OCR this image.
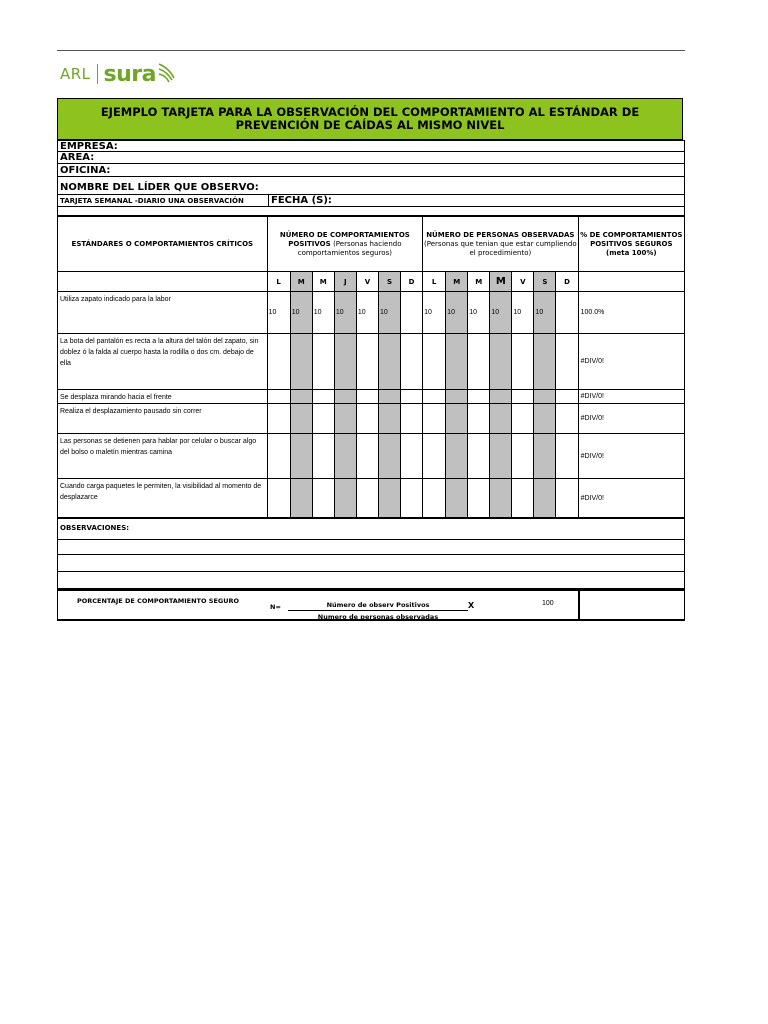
ARL sura
EJEMPLO TARJETA PARA LA OBSERVACIÓN DEL COMPORTAMIENTO AL ESTÁNDAR DE PREVENCIÓN DE CAÍDAS AL MISMO NIVEL
EMPRESA:
AREA:
OFICINA:
NOMBRE DEL LÍDER QUE OBSERVO:
TARJETA SEMANAL -DIARIO UNA OBSERVACIÓN	FECHA (S):
ESTÁNDARES O COMPORTAMIENTOS CRÍTICOS	NÚMERO DE COMPORTAMIENTOS POSITIVOS (Personas haciendo comportamientos seguros)							NÚMERO DE PERSONAS OBSERVADAS
(Personas que tenian que estar cumpliendo el procedimiento)							% DE COMPORTAMIENTOS POSITIVOS SEGUROS
(meta 100%)
	L	M	M	J	V	S	D	L	M	M	M	V	S	D	
Utiliza zapato indicado para la labor	10	10	10	10	10	10		10	10	10	10	10	10		100.0%
La bota del pantalón es recta a la altura del talón del zapato, sin doblez ó la falda al cuerpo hasta la rodilla o dos cm. debajo de ella															#DIV/0!
Se desplaza mirando hacia el frente															#DIV/0!
Realiza el desplazamiento pausado sin correr															#DIV/0!
Las personas se detienen para hablar por celular o buscar algo del bolso o maletín mientras camina															#DIV/0!
Cuando carga paquetes le permiten, la visibilidad al momento de desplazarce															#DIV/0!
OBSERVACIONES:
PORCENTAJE DE COMPORTAMIENTO SEGURO
N=	Número de observ Positivos
Numero de personas observadas
X	100
